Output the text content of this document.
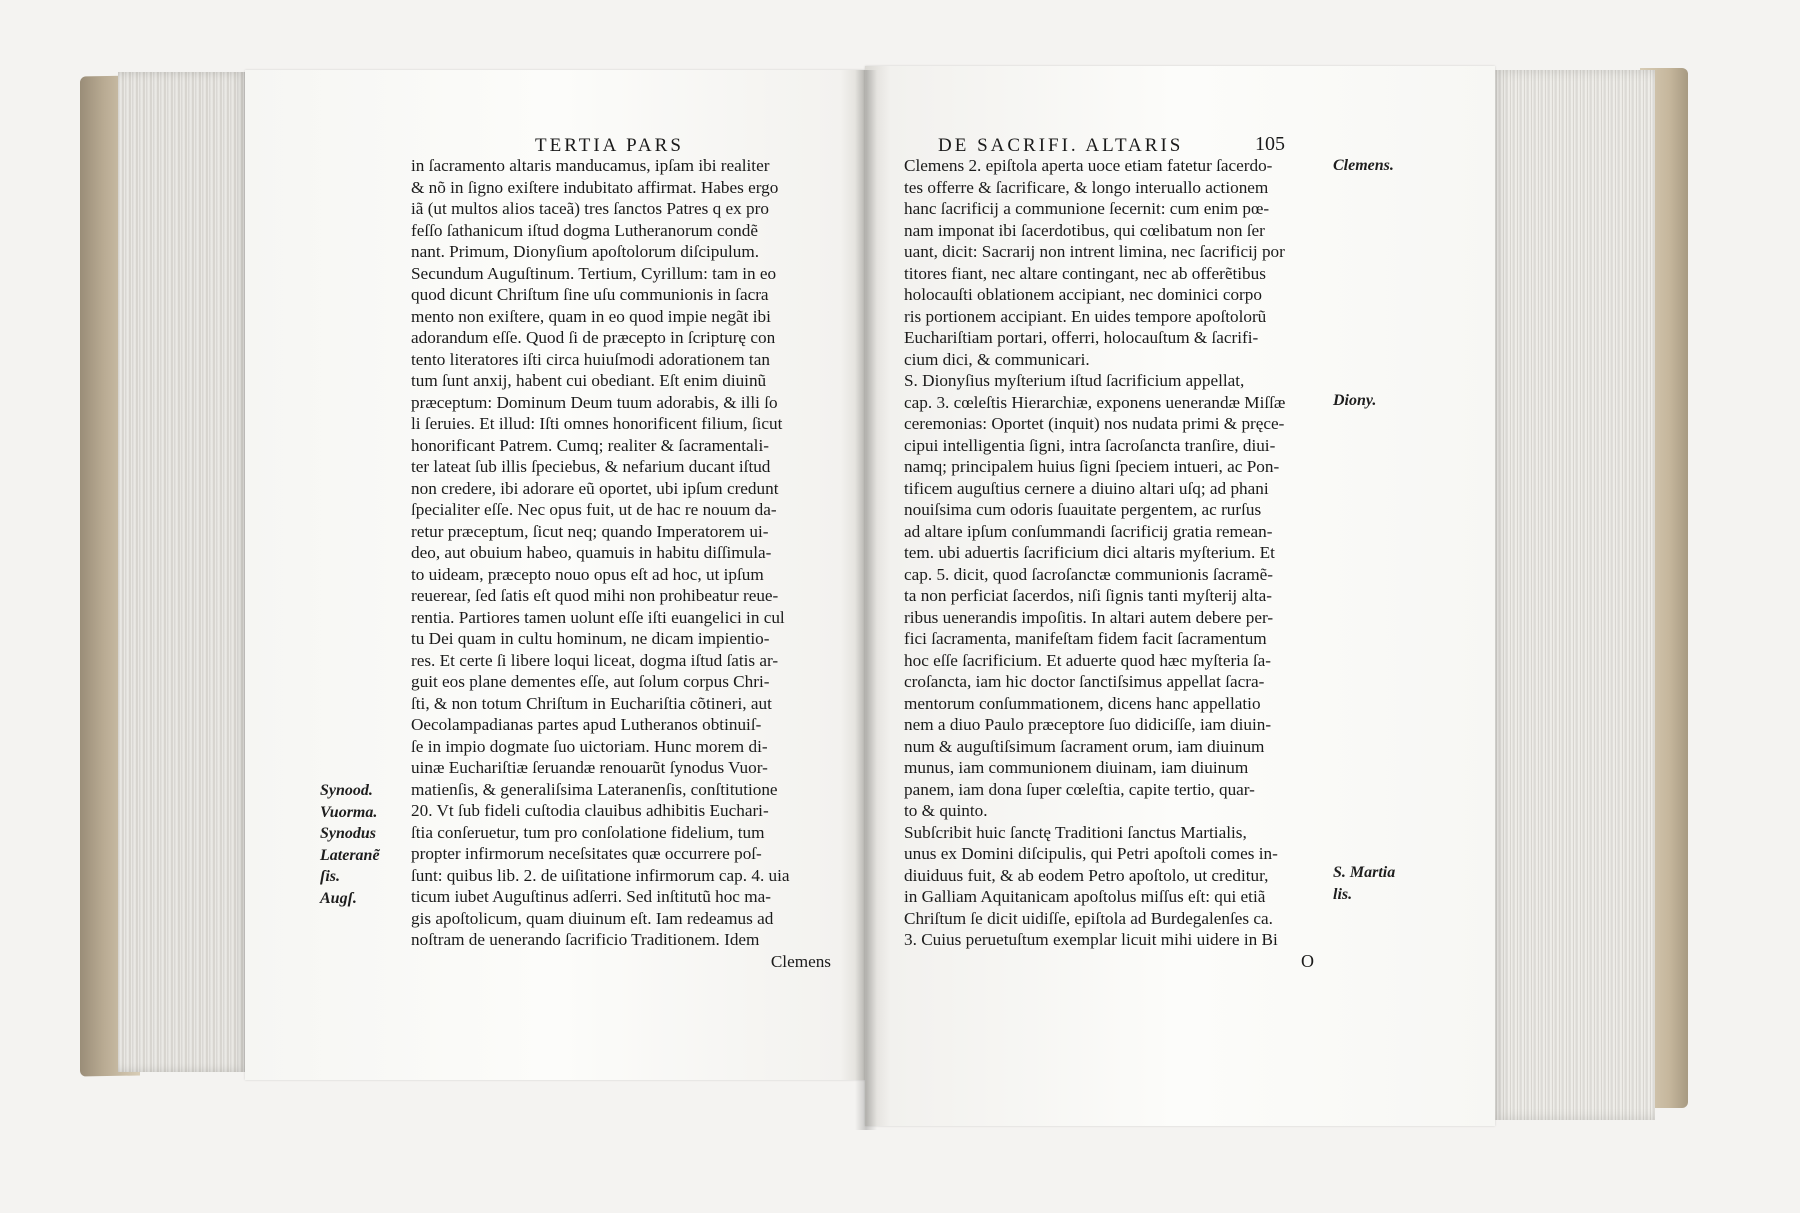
TERTIA PARS	DE SACRIFI. ALTARIS	105
in ſacramento altaris manducamus, ipſam ibi realiter
& nõ in ſigno exiſtere indubitato affirmat. Habes ergo
iã (ut multos alios taceã) tres ſanctos Patres q ex pro
feſſo ſathanicum iſtud dogma Lutheranorum condẽ
nant. Primum, Dionyſium apoſtolorum diſcipulum.
Secundum Auguſtinum. Tertium, Cyrillum: tam in eo
quod dicunt Chriſtum ſine uſu communionis in ſacra
mento non exiſtere, quam in eo quod impie negãt ibi
adorandum eſſe. Quod ſi de præcepto in ſcripturę con
tento literatores iſti circa huiuſmodi adorationem tan
tum ſunt anxij, habent cui obediant. Eſt enim diuinũ
præceptum: Dominum Deum tuum adorabis, & illi ſo
li ſeruies. Et illud: Iſti omnes honorificent filium, ſicut
honorificant Patrem. Cumq; realiter & ſacramentali-
ter lateat ſub illis ſpeciebus, & nefarium ducant iſtud
non credere, ibi adorare eũ oportet, ubi ipſum credunt
ſpecialiter eſſe. Nec opus fuit, ut de hac re nouum da-
retur præceptum, ſicut neq; quando Imperatorem ui-
deo, aut obuium habeo, quamuis in habitu diſſimula-
to uideam, præcepto nouo opus eſt ad hoc, ut ipſum
reuerear, ſed ſatis eſt quod mihi non prohibeatur reue-
rentia. Partiores tamen uolunt eſſe iſti euangelici in cul
tu Dei quam in cultu hominum, ne dicam impientio-
res. Et certe ſi libere loqui liceat, dogma iſtud ſatis ar-
guit eos plane dementes eſſe, aut ſolum corpus Chri-
ſti, & non totum Chriſtum in Euchariſtia cõtineri, aut
Oecolampadianas partes apud Lutheranos obtinuiſ-
ſe in impio dogmate ſuo uictoriam. Hunc morem di-
uinæ Euchariſtiæ ſeruandæ renouarũt ſynodus Vuor-
matienſis, & generaliſsima Lateranenſis, conſtitutione
20. Vt ſub fideli cuſtodia clauibus adhibitis Euchari-
ſtia conſeruetur, tum pro conſolatione fidelium, tum
propter infirmorum neceſsitates quæ occurrere poſ-
ſunt: quibus lib. 2. de uiſitatione infirmorum cap. 4. uia
ticum iubet Auguſtinus adſerri. Sed inſtitutũ hoc ma-
gis apoſtolicum, quam diuinum eſt. Iam redeamus ad
noſtram de uenerando ſacrificio Traditionem. Idem
Clemens
Clemens 2. epiſtola aperta uoce etiam fatetur ſacerdo-
tes offerre & ſacrificare, & longo interuallo actionem
hanc ſacrificij a communione ſecernit: cum enim pœ-
nam imponat ibi ſacerdotibus, qui cœlibatum non ſer
uant, dicit: Sacrarij non intrent limina, nec ſacrificij por
titores fiant, nec altare contingant, nec ab offerẽtibus
holocauſti oblationem accipiant, nec dominici corpo
ris portionem accipiant. En uides tempore apoſtolorũ
Euchariſtiam portari, offerri, holocauſtum & ſacrifi-
cium dici, & communicari.
S. Dionyſius myſterium iſtud ſacrificium appellat,
cap. 3. cœleſtis Hierarchiæ, exponens uenerandæ Miſſæ
ceremonias: Oportet (inquit) nos nudata primi & pręce-
cipui intelligentia ſigni, intra ſacroſancta tranſire, diui-
namq; principalem huius ſigni ſpeciem intueri, ac Pon-
tificem auguſtius cernere a diuino altari uſq; ad phani
nouiſsima cum odoris ſuauitate pergentem, ac rurſus
ad altare ipſum conſummandi ſacrificij gratia remean-
tem. ubi aduertis ſacrificium dici altaris myſterium. Et
cap. 5. dicit, quod ſacroſanctæ communionis ſacramẽ-
ta non perficiat ſacerdos, niſi ſignis tanti myſterij alta-
ribus uenerandis impoſitis. In altari autem debere per-
fici ſacramenta, manifeſtam fidem facit ſacramentum
hoc eſſe ſacrificium. Et aduerte quod hæc myſteria ſa-
croſancta, iam hic doctor ſanctiſsimus appellat ſacra-
mentorum conſummationem, dicens hanc appellatio
nem a diuo Paulo præceptore ſuo didiciſſe, iam diuin-
num & auguſtiſsimum ſacrament orum, iam diuinum
munus, iam communionem diuinam, iam diuinum
panem, iam dona ſuper cœleſtia, capite tertio, quar-
to & quinto.
Subſcribit huic ſanctę Traditioni ſanctus Martialis,
unus ex Domini diſcipulis, qui Petri apoſtoli comes in-
diuiduus fuit, & ab eodem Petro apoſtolo, ut creditur,
in Galliam Aquitanicam apoſtolus miſſus eſt: qui etiã
Chriſtum ſe dicit uidiſſe, epiſtola ad Burdegalenſes ca.
3. Cuius peruetuſtum exemplar licuit mihi uidere in Bi
O
Synood.
Vuorma.
Synodus
Lateranẽ
ſis.
Augſ.
Clemens.
Diony.
S. Martia
lis.
